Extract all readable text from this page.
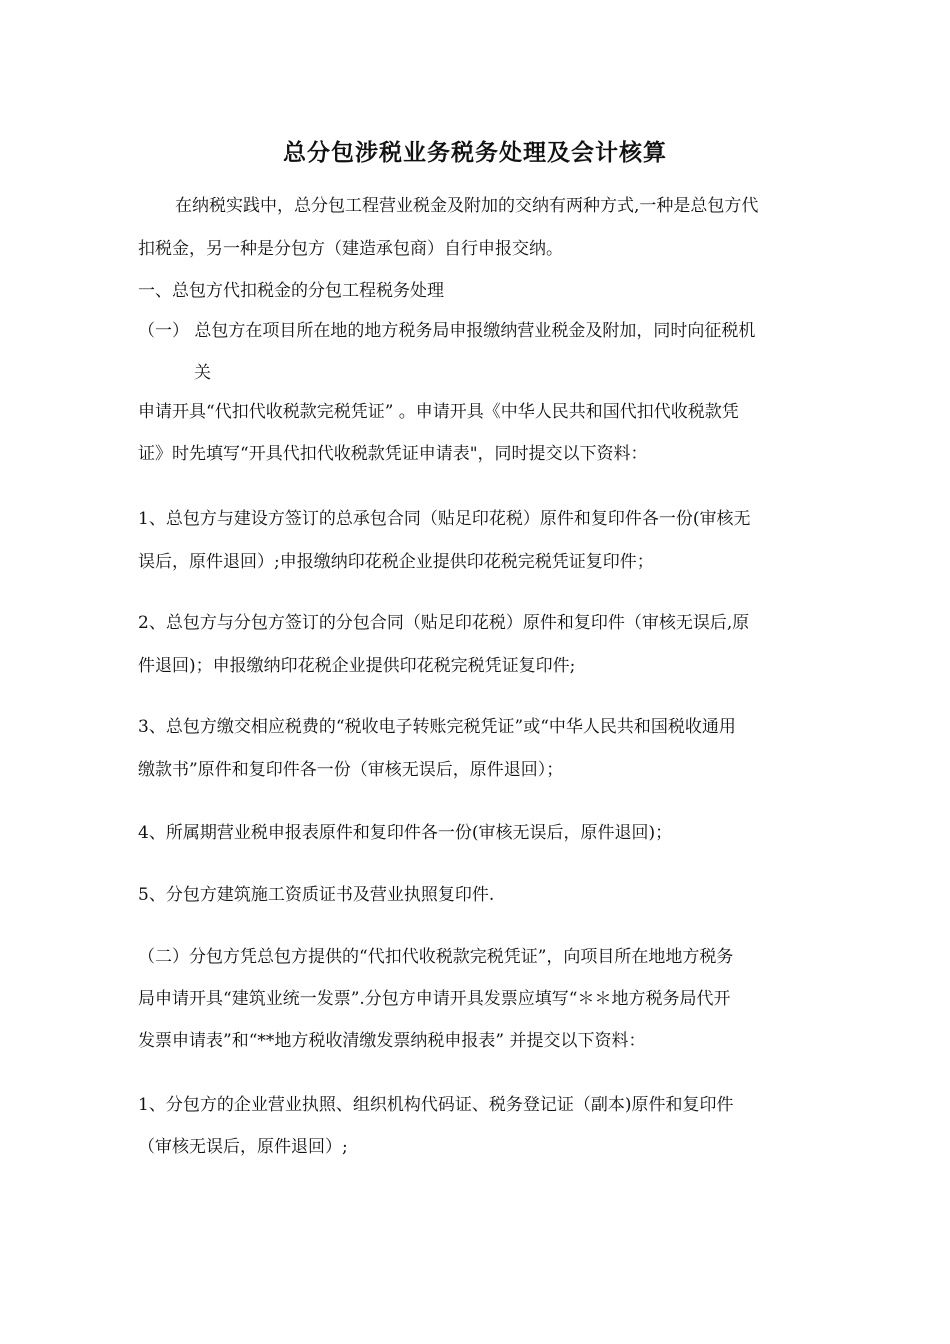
总分包涉税业务税务处理及会计核算
在纳税实践中，总分包工程营业税金及附加的交纳有两种方式,一种是总包方代
扣税金，另一种是分包方（建造承包商）自行申报交纳。
一、总包方代扣税金的分包工程税务处理
（一） 总包方在项目所在地的地方税务局申报缴纳营业税金及附加，同时向征税机
关
申请开具“代扣代收税款完税凭证” 。申请开具《中华人民共和国代扣代收税款凭
证》时先填写“开具代扣代收税款凭证申请表"，同时提交以下资料：
1、总包方与建设方签订的总承包合同（贴足印花税）原件和复印件各一份(审核无
误后，原件退回）;申报缴纳印花税企业提供印花税完税凭证复印件；
2、总包方与分包方签订的分包合同（贴足印花税）原件和复印件（审核无误后,原
件退回)；申报缴纳印花税企业提供印花税完税凭证复印件;
3、总包方缴交相应税费的“税收电子转账完税凭证”或“中华人民共和国税收通用
缴款书”原件和复印件各一份（审核无误后，原件退回）；
4、所属期营业税申报表原件和复印件各一份(审核无误后，原件退回)；
5、分包方建筑施工资质证书及营业执照复印件.
（二）分包方凭总包方提供的“代扣代收税款完税凭证”，向项目所在地地方税务
局申请开具“建筑业统一发票”.分包方申请开具发票应填写“＊＊地方税务局代开
发票申请表”和“**地方税收清缴发票纳税申报表” 并提交以下资料：
1、分包方的企业营业执照、组织机构代码证、税务登记证（副本)原件和复印件
（审核无误后，原件退回）;
